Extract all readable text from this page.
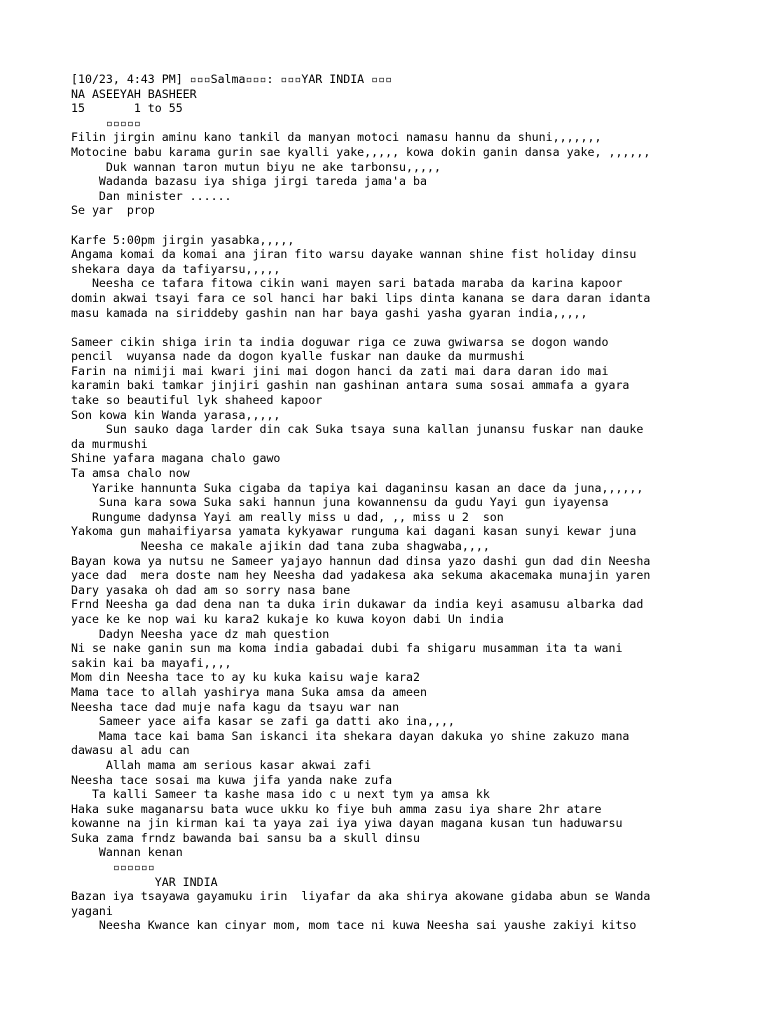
[10/23, 4:43 PM] ▫▫▫Salma▫▫▫: ▫▫▫YAR INDIA ▫▫▫
NA ASEEYAH BASHEER
15       1 to 55
▫▫▫▫▫
Filin jirgin aminu kano tankil da manyan motoci namasu hannu da shuni,,,,,,,
Motocine babu karama gurin sae kyalli yake,,,,, kowa dokin ganin dansa yake, ,,,,,,
Duk wannan taron mutun biyu ne ake tarbonsu,,,,,
Wadanda bazasu iya shiga jirgi tareda jama'a ba
Dan minister ......
Se yar  prop
Karfe 5:00pm jirgin yasabka,,,,,
Angama komai da komai ana jiran fito warsu dayake wannan shine fist holiday dinsu
shekara daya da tafiyarsu,,,,,
Neesha ce tafara fitowa cikin wani mayen sari batada maraba da karina kapoor
domin akwai tsayi fara ce sol hanci har baki lips dinta kanana se dara daran idanta
masu kamada na siriddeby gashin nan har baya gashi yasha gyaran india,,,,,
Sameer cikin shiga irin ta india doguwar riga ce zuwa gwiwarsa se dogon wando
pencil  wuyansa nade da dogon kyalle fuskar nan dauke da murmushi
Farin na nimiji mai kwari jini mai dogon hanci da zati mai dara daran ido mai
karamin baki tamkar jinjiri gashin nan gashinan antara suma sosai ammafa a gyara
take so beautiful lyk shaheed kapoor
Son kowa kin Wanda yarasa,,,,,
Sun sauko daga larder din cak Suka tsaya suna kallan junansu fuskar nan dauke
da murmushi
Shine yafara magana chalo gawo
Ta amsa chalo now
Yarike hannunta Suka cigaba da tapiya kai daganinsu kasan an dace da juna,,,,,,
Suna kara sowa Suka saki hannun juna kowannensu da gudu Yayi gun iyayensa
Rungume dadynsa Yayi am really miss u dad, ,, miss u 2  son
Yakoma gun mahaifiyarsa yamata kykyawar runguma kai dagani kasan sunyi kewar juna
Neesha ce makale ajikin dad tana zuba shagwaba,,,,
Bayan kowa ya nutsu ne Sameer yajayo hannun dad dinsa yazo dashi gun dad din Neesha
yace dad  mera doste nam hey Neesha dad yadakesa aka sekuma akacemaka munajin yaren
Dary yasaka oh dad am so sorry nasa bane
Frnd Neesha ga dad dena nan ta duka irin dukawar da india keyi asamusu albarka dad
yace ke ke nop wai ku kara2 kukaje ko kuwa koyon dabi Un india
Dadyn Neesha yace dz mah question
Ni se nake ganin sun ma koma india gabadai dubi fa shigaru musamman ita ta wani
sakin kai ba mayafi,,,,
Mom din Neesha tace to ay ku kuka kaisu waje kara2
Mama tace to allah yashirya mana Suka amsa da ameen
Neesha tace dad muje nafa kagu da tsayu war nan
Sameer yace aifa kasar se zafi ga datti ako ina,,,,
Mama tace kai bama San iskanci ita shekara dayan dakuka yo shine zakuzo mana
dawasu al adu can
Allah mama am serious kasar akwai zafi
Neesha tace sosai ma kuwa jifa yanda nake zufa
Ta kalli Sameer ta kashe masa ido c u next tym ya amsa kk
Haka suke maganarsu bata wuce ukku ko fiye buh amma zasu iya share 2hr atare
kowanne na jin kirman kai ta yaya zai iya yiwa dayan magana kusan tun haduwarsu
Suka zama frndz bawanda bai sansu ba a skull dinsu
Wannan kenan
▫▫▫▫▫▫
YAR INDIA
Bazan iya tsayawa gayamuku irin  liyafar da aka shirya akowane gidaba abun se Wanda
yagani
Neesha Kwance kan cinyar mom, mom tace ni kuwa Neesha sai yaushe zakiyi kitso
